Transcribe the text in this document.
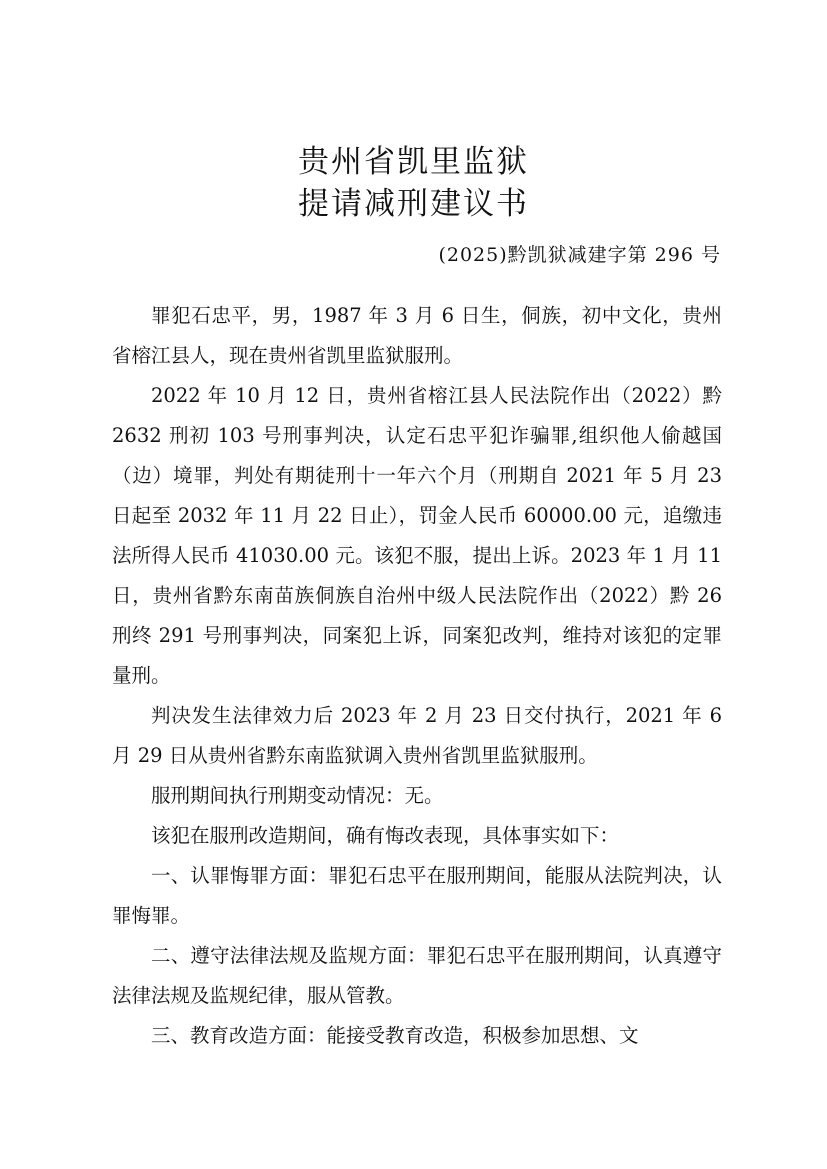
贵州省凯里监狱
提请减刑建议书
(2025)黔凯狱减建字第 296 号

罪犯石忠平，男，1987 年 3 月 6 日生，侗族，初中文化，贵州省榕江县人，现在贵州省凯里监狱服刑。

2022 年 10 月 12 日，贵州省榕江县人民法院作出（2022）黔 2632 刑初 103 号刑事判决，认定石忠平犯诈骗罪,组织他人偷越国（边）境罪，判处有期徒刑十一年六个月（刑期自 2021 年 5 月 23 日起至 2032 年 11 月 22 日止），罚金人民币 60000.00 元，追缴违法所得人民币 41030.00 元。该犯不服，提出上诉。2023 年 1 月 11 日，贵州省黔东南苗族侗族自治州中级人民法院作出（2022）黔 26 刑终 291 号刑事判决，同案犯上诉，同案犯改判，维持对该犯的定罪量刑。

判决发生法律效力后 2023 年 2 月 23 日交付执行，2021 年 6 月 29 日从贵州省黔东南监狱调入贵州省凯里监狱服刑。

服刑期间执行刑期变动情况：无。

该犯在服刑改造期间，确有悔改表现，具体事实如下：

一、认罪悔罪方面：罪犯石忠平在服刑期间，能服从法院判决，认罪悔罪。

二、遵守法律法规及监规方面：罪犯石忠平在服刑期间，认真遵守法律法规及监规纪律，服从管教。

三、教育改造方面：能接受教育改造，积极参加思想、文
